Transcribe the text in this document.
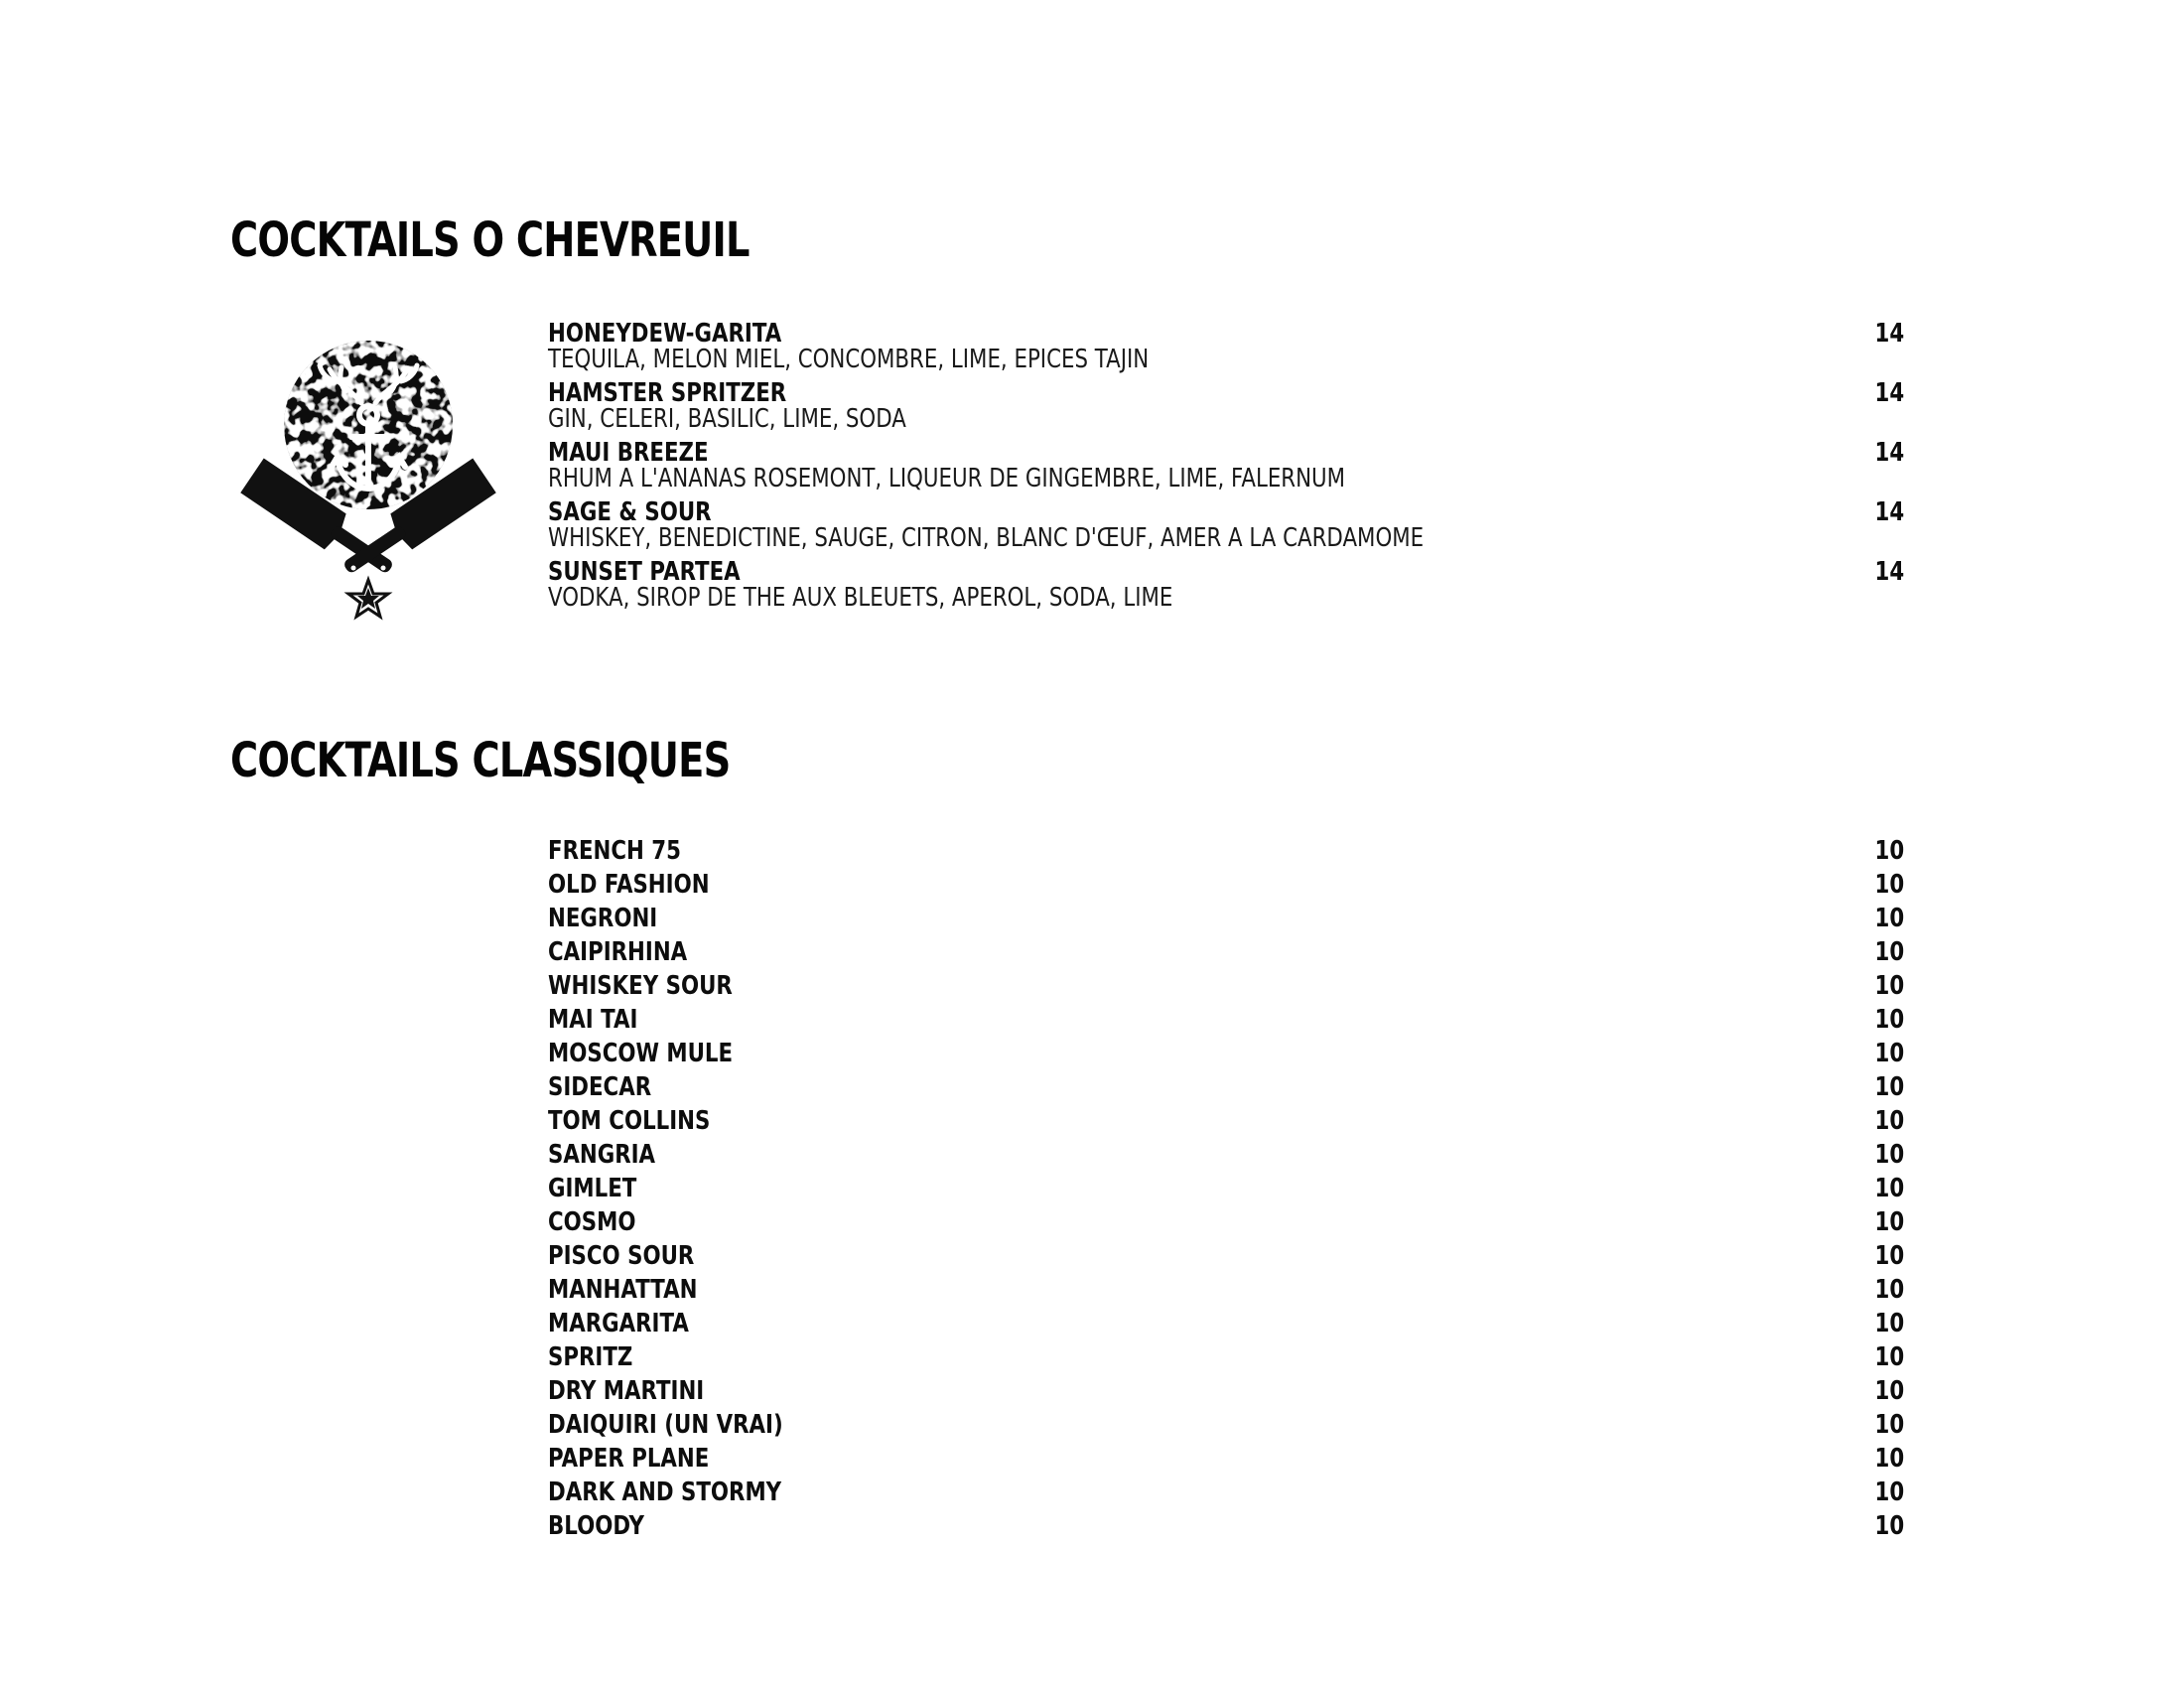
COCKTAILS O CHEVREUIL
HONEYDEW-GARITA
TEQUILA, MELON MIEL, CONCOMBRE, LIME, EPICES TAJIN
14
HAMSTER SPRITZER
GIN, CELERI, BASILIC, LIME, SODA
14
MAUI BREEZE
RHUM A L'ANANAS ROSEMONT, LIQUEUR DE GINGEMBRE, LIME, FALERNUM
14
SAGE & SOUR
WHISKEY, BENEDICTINE, SAUGE, CITRON, BLANC D'ŒUF, AMER A LA CARDAMOME
14
SUNSET PARTEA
VODKA, SIROP DE THE AUX BLEUETS, APEROL, SODA, LIME
14
COCKTAILS CLASSIQUES
FRENCH 75	10
OLD FASHION	10
NEGRONI	10
CAIPIRHINA	10
WHISKEY SOUR	10
MAI TAI	10
MOSCOW MULE	10
SIDECAR	10
TOM COLLINS	10
SANGRIA	10
GIMLET	10
COSMO	10
PISCO SOUR	10
MANHATTAN	10
MARGARITA	10
SPRITZ	10
DRY MARTINI	10
DAIQUIRI (UN VRAI)	10
PAPER PLANE	10
DARK AND STORMY	10
BLOODY	10
